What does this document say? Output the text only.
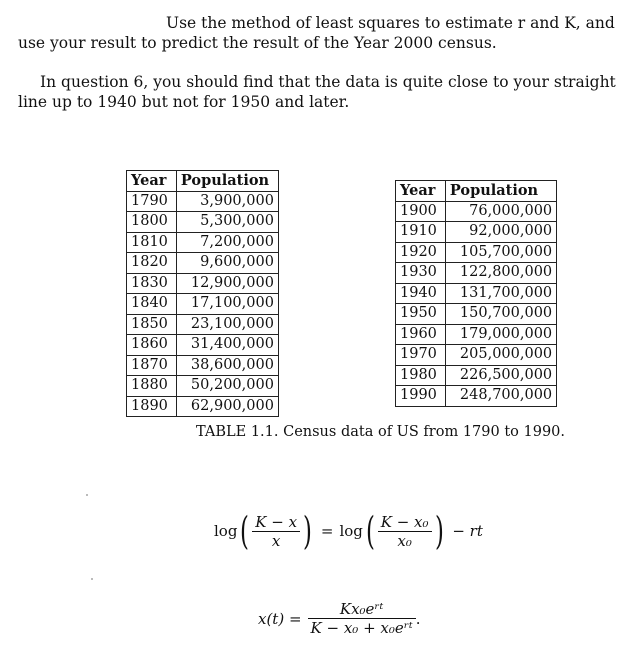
Use the method of least squares to estimate r and K, and
use your result to predict the result of the Year 2000 census.
In question 6, you should find that the data is quite close to your straight
line up to 1940 but not for 1950 and later.
Year	Population
1790	3,900,000
1800	5,300,000
1810	7,200,000
1820	9,600,000
1830	12,900,000
1840	17,100,000
1850	23,100,000
1860	31,400,000
1870	38,600,000
1880	50,200,000
1890	62,900,000
Year	Population
1900	76,000,000
1910	92,000,000
1920	105,700,000
1930	122,800,000
1940	131,700,000
1950	150,700,000
1960	179,000,000
1970	205,000,000
1980	226,500,000
1990	248,700,000
TABLE 1.1. Census data of US from 1790 to 1990.
log ( $\frac{K - x}{x}$ ) = log ( $\frac{\text{K − x₀}}{\text{x₀}}$ ) − rt
$x(t) = \frac{\text{Kx₀eʳᵗ}}{\text{K − x₀ + x₀eʳᵗ}}$ .
